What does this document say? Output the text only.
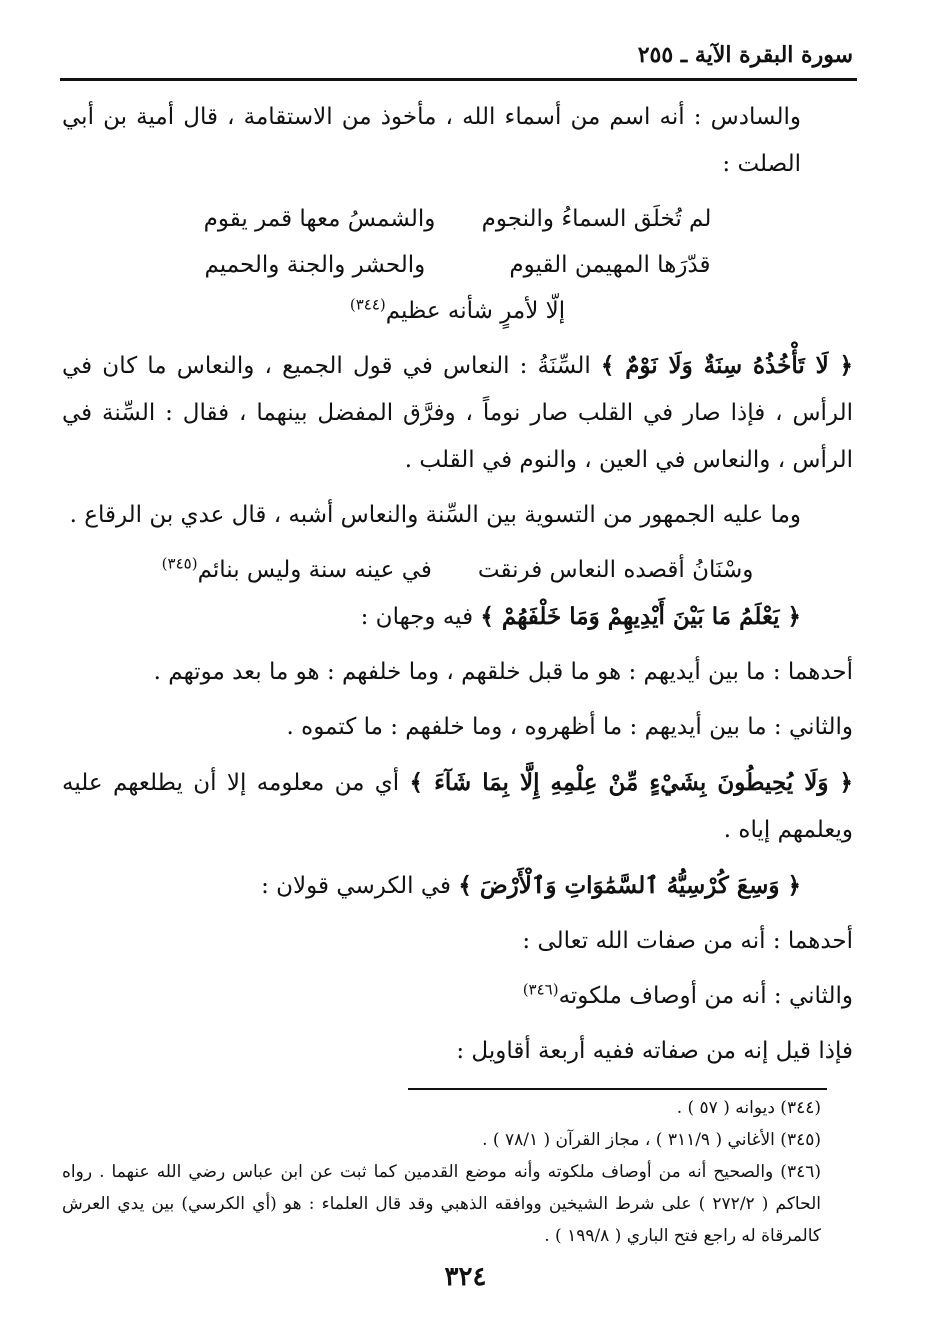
سورة البقرة الآية ـ ٢٥٥

والسادس : أنه اسم من أسماء الله ، مأخوذ من الاستقامة ، قال أمية بن أبي الصلت :

لم تُخلَق السماءُ والنجوم
والشمسُ معها قمر يقوم
قدّرَها المهيمن القيوم
والحشر والجنة والحميم
إلّا لأمرٍ شأنه عظيم$^{(٣٤٤)}$

﴿ لَا تَأْخُذُهُ سِنَةٌ وَلَا نَوْمٌ ﴾ السِّنَةُ : النعاس في قول الجميع ، والنعاس ما كان في الرأس ، فإذا صار في القلب صار نوماً ، وفرَّق المفضل بينهما ، فقال : السِّنة في الرأس ، والنعاس في العين ، والنوم في القلب .

وما عليه الجمهور من التسوية بين السِّنة والنعاس أشبه ، قال عدي بن الرقاع .

وسْنَانُ أقصده النعاس فرنقت
في عينه سنة وليس بنائم$^{(٣٤٥)}$

﴿ يَعْلَمُ مَا بَيْنَ أَيْدِيهِمْ وَمَا خَلْفَهُمْ ﴾ فيه وجهان :

أحدهما : ما بين أيديهم : هو ما قبل خلقهم ، وما خلفهم : هو ما بعد موتهم .

والثاني : ما بين أيديهم : ما أظهروه ، وما خلفهم : ما كتموه .

﴿ وَلَا يُحِيطُونَ بِشَيْءٍ مِّنْ عِلْمِهِ إِلَّا بِمَا شَآءَ ﴾ أي من معلومه إلا أن يطلعهم عليه ويعلمهم إياه .

﴿ وَسِعَ كُرْسِيُّهُ ٱلسَّمَٰوَاتِ وَٱلْأَرْضَ ﴾ في الكرسي قولان :

أحدهما : أنه من صفات الله تعالى :

والثاني : أنه من أوصاف ملكوته$^{(٣٤٦)}$

فإذا قيل إنه من صفاته ففيه أربعة أقاويل :

(٣٤٤) ديوانه ( ٥٧ ) .

(٣٤٥) الأغاني ( ٣١١/٩ ) ، مجاز القرآن ( ٧٨/١ ) .

(٣٤٦) والصحيح أنه من أوصاف ملكوته وأنه موضع القدمين كما ثبت عن ابن عباس رضي الله عنهما . رواه الحاكم ( ٢٧٢/٢ ) على شرط الشيخين ووافقه الذهبي وقد قال العلماء : هو (أي الكرسي) بين يدي العرش كالمرقاة له راجع فتح الباري ( ١٩٩/٨ ) .

٣٢٤
